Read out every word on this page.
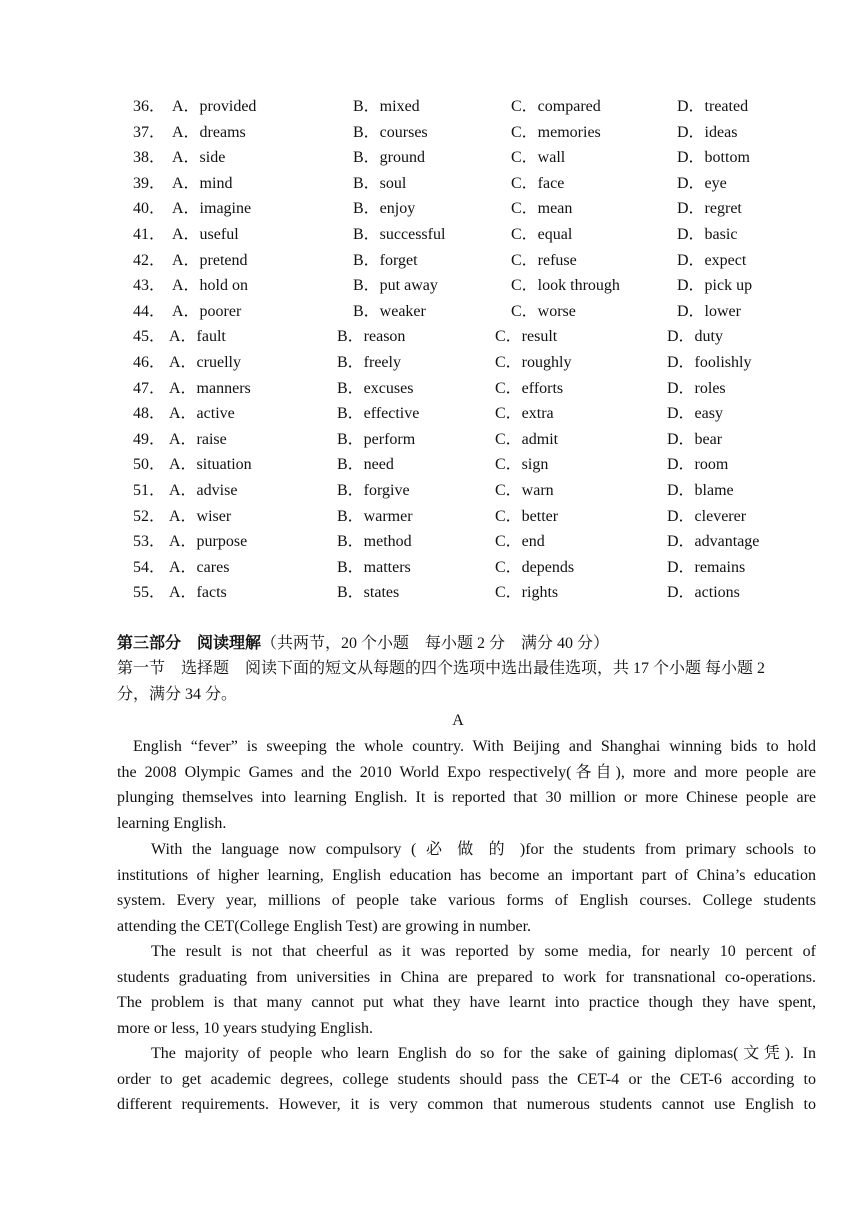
36． A．provided	B．mixed	C．compared	D．treated
37． A．dreams	B．courses	C．memories	D．ideas
38． A．side	B．ground	C．wall	D．bottom
39． A．mind	B．soul	C．face	D．eye
40． A．imagine	B．enjoy	C．mean	D．regret
41． A．useful	B．successful	C．equal	D．basic
42． A．pretend	B．forget	C．refuse	D．expect
43． A．hold on	B．put away	C．look through	D．pick up
44． A．poorer	B．weaker	C．worse	D．lower
45． A．fault	B．reason	C．result	D．duty
46． A．cruelly	B．freely	C．roughly	D．foolishly
47． A．manners	B．excuses	C．efforts	D．roles
48． A．active	B．effective	C．extra	D．easy
49． A．raise	B．perform	C．admit	D．bear
50． A．situation	B．need	C．sign	D．room
51． A．advise	B．forgive	C．warn	D．blame
52． A．wiser	B．warmer	C．better	D．cleverer
53． A．purpose	B．method	C．end	D．advantage
54． A．cares	B．matters	C．depends	D．remains
55． A．facts	B．states	C．rights	D．actions
第三部分　阅读理解（共两节，20 个小题　每小题 2 分　满分 40 分）
第一节　选择题　阅读下面的短文从每题的四个选项中选出最佳选项，共 17 个小题 每小题 2
分，满分 34 分。
A
English “fever” is sweeping the whole country. With Beijing and Shanghai winning bids to hold
the 2008 Olympic Games and the 2010 World Expo respectively(各自), more and more people are
plunging themselves into learning English. It is reported that 30 million or more Chinese people are
learning English.
With the language now compulsory ( 必 做 的 )for the students from primary schools to
institutions of higher learning, English education has become an important part of China’s education
system. Every year, millions of people take various forms of English courses. College students
attending the CET(College English Test) are growing in number.
The result is not that cheerful as it was reported by some media, for nearly 10 percent of
students graduating from universities in China are prepared to work for transnational co-operations.
The problem is that many cannot put what they have learnt into practice though they have spent,
more or less, 10 years studying English.
The majority of people who learn English do so for the sake of gaining diplomas(文凭). In
order to get academic degrees, college students should pass the CET-4 or the CET-6 according to
different requirements. However, it is very common that numerous students cannot use English to
